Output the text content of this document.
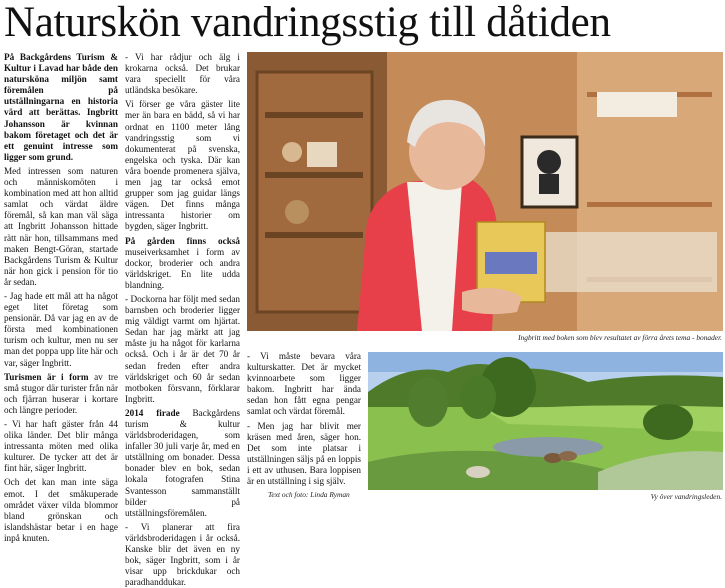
Naturskön vandringsstig till dåtiden

På Backgårdens Turism & Kultur i Lavad har både den natursköna miljön samt föremålen på utställningarna en historia värd att berättas. Ingbritt Johansson är kvinnan bakom företaget och det är ett genuint intresse som ligger som grund.

Med intressen som naturen och människomöten i kombination med att hon alltid samlat och värdat äldre föremål, så kan man väl säga att Ingbritt Johansson hittade rätt när hon, tillsammans med maken Bengt-Göran, startade Backgårdens Turism & Kultur när hon gick i pension för tio år sedan.

- Jag hade ett mål att ha något eget litet företag som pensionär. Då var jag en av de första med kombinationen turism och kultur, men nu ser man det poppa upp lite här och var, säger Ingbritt.

Turismen är i form av tre små stugor där turister från när och fjärran huserar i kortare och längre perioder.

- Vi har haft gäster från 44 olika länder. Det blir många intressanta möten med olika kulturer. De tycker att det är fint här, säger Ingbritt.

Och det kan man inte säga emot. I det småkuperade området växer vilda blommor bland grönskan och islandshästar betar i en hage inpå knuten.

- Vi har rådjur och älg i krokarna också. Det brukar vara speciellt för våra utländska besökare.

Vi förser ge våra gäster lite mer än bara en bädd, så vi har ordnat en 1100 meter lång vandringsstig som vi dokumenterat på svenska, engelska och tyska. Där kan våra boende promenera själva, men jag tar också emot grupper som jag guidar längs vägen. Det finns många intressanta historier om bygden, säger Ingbritt.

På gården finns också museiverksamhet i form av dockor, broderier och andra världskriget. En lite udda blandning.

- Dockorna har följt med sedan barnsben och broderier ligger mig väldigt varmt om hjärtat. Sedan har jag märkt att jag måste ju ha något för karlarna också. Och i år är det 70 år sedan freden efter andra världskriget och 60 år sedan motboken försvann, förklarar Ingbritt.

2014 firade Backgårdens turism & kultur världsbroderidagen, som infaller 30 juli varje år, med en utställning om bonader. Dessa bonader blev en bok, sedan lokala fotografen Stina Svantesson sammanställt bilder på utställningsföremålen.

- Vi planerar att fira världsbroderidagen i år också. Kanske blir det även en ny bok, säger Ingbritt, som i år visar upp brickdukar och paradhanddukar.

Ingbritt med boken som blev resultatet av förra årets tema - bonader.

- Vi måste bevara våra kulturskatter. Det är mycket kvinnoarbete som ligger bakom. Ingbritt har ända sedan hon fått egna pengar samlat och värdat föremål.

- Men jag har blivit mer kräsen med åren, säger hon. Det som inte platsar i utställningen säljs på en loppis i ett av uthusen. Bara loppisen är en utställning i sig själv.

Text och foto: Linda Ryman	Vy över vandringsleden.
